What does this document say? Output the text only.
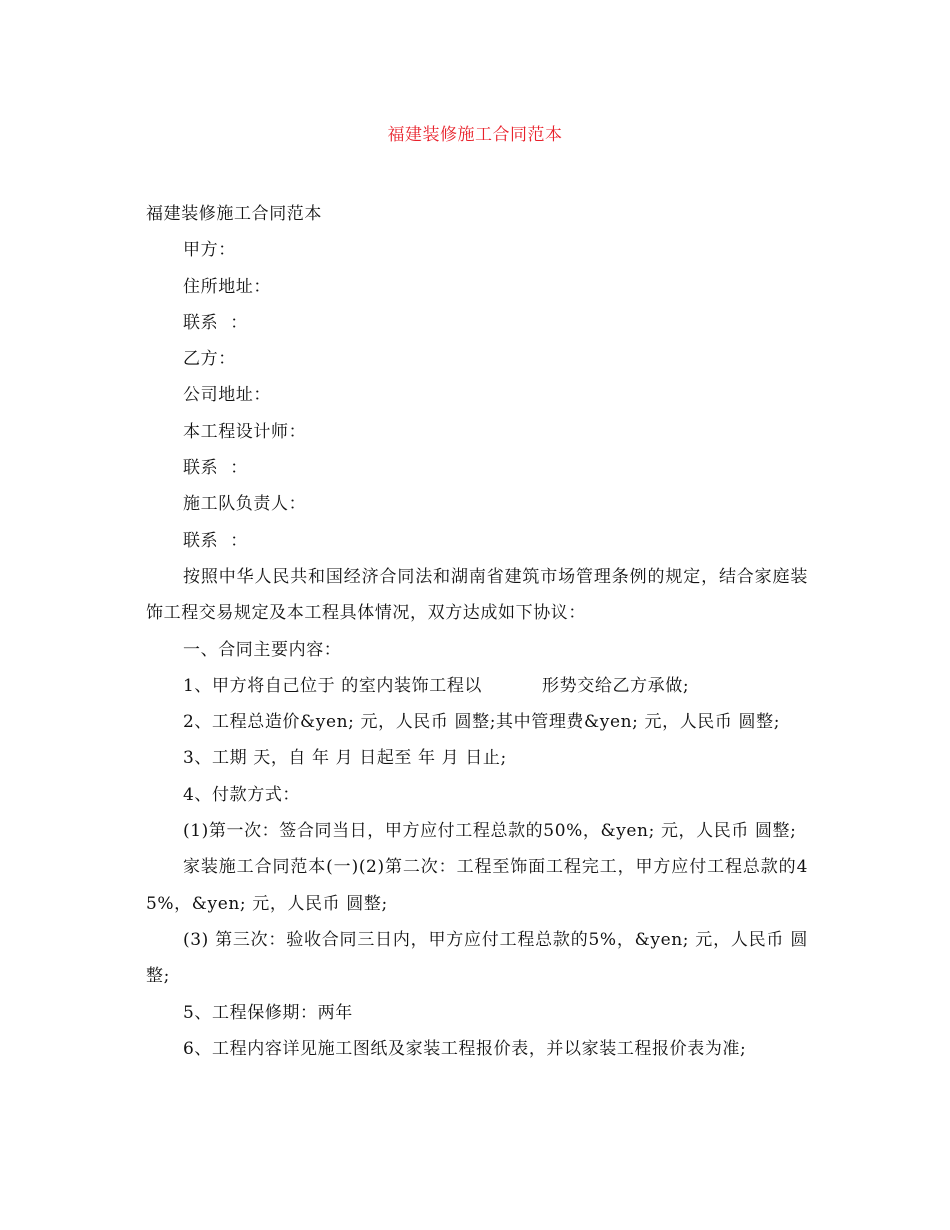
福建装修施工合同范本

福建装修施工合同范本

甲方：

住所地址：

联系  ：

乙方：

公司地址：

本工程设计师：

联系  ：

施工队负责人：

联系  ：

按照中华人民共和国经济合同法和湖南省建筑市场管理条例的规定，结合家庭装饰工程交易规定及本工程具体情况，双方达成如下协议：

一、合同主要内容：

1、甲方将自己位于 的室内装饰工程以          形势交给乙方承做;

2、工程总造价&yen; 元，人民币 圆整;其中管理费&yen; 元，人民币 圆整;

3、工期 天，自 年 月 日起至 年 月 日止;

4、付款方式：

(1)第一次：签合同当日，甲方应付工程总款的50%，&yen; 元，人民币 圆整;

家装施工合同范本(一)(2)第二次：工程至饰面工程完工，甲方应付工程总款的45%，&yen; 元，人民币 圆整;

(3) 第三次：验收合同三日内，甲方应付工程总款的5%，&yen; 元，人民币 圆整;

5、工程保修期：两年

6、工程内容详见施工图纸及家装工程报价表，并以家装工程报价表为准;
